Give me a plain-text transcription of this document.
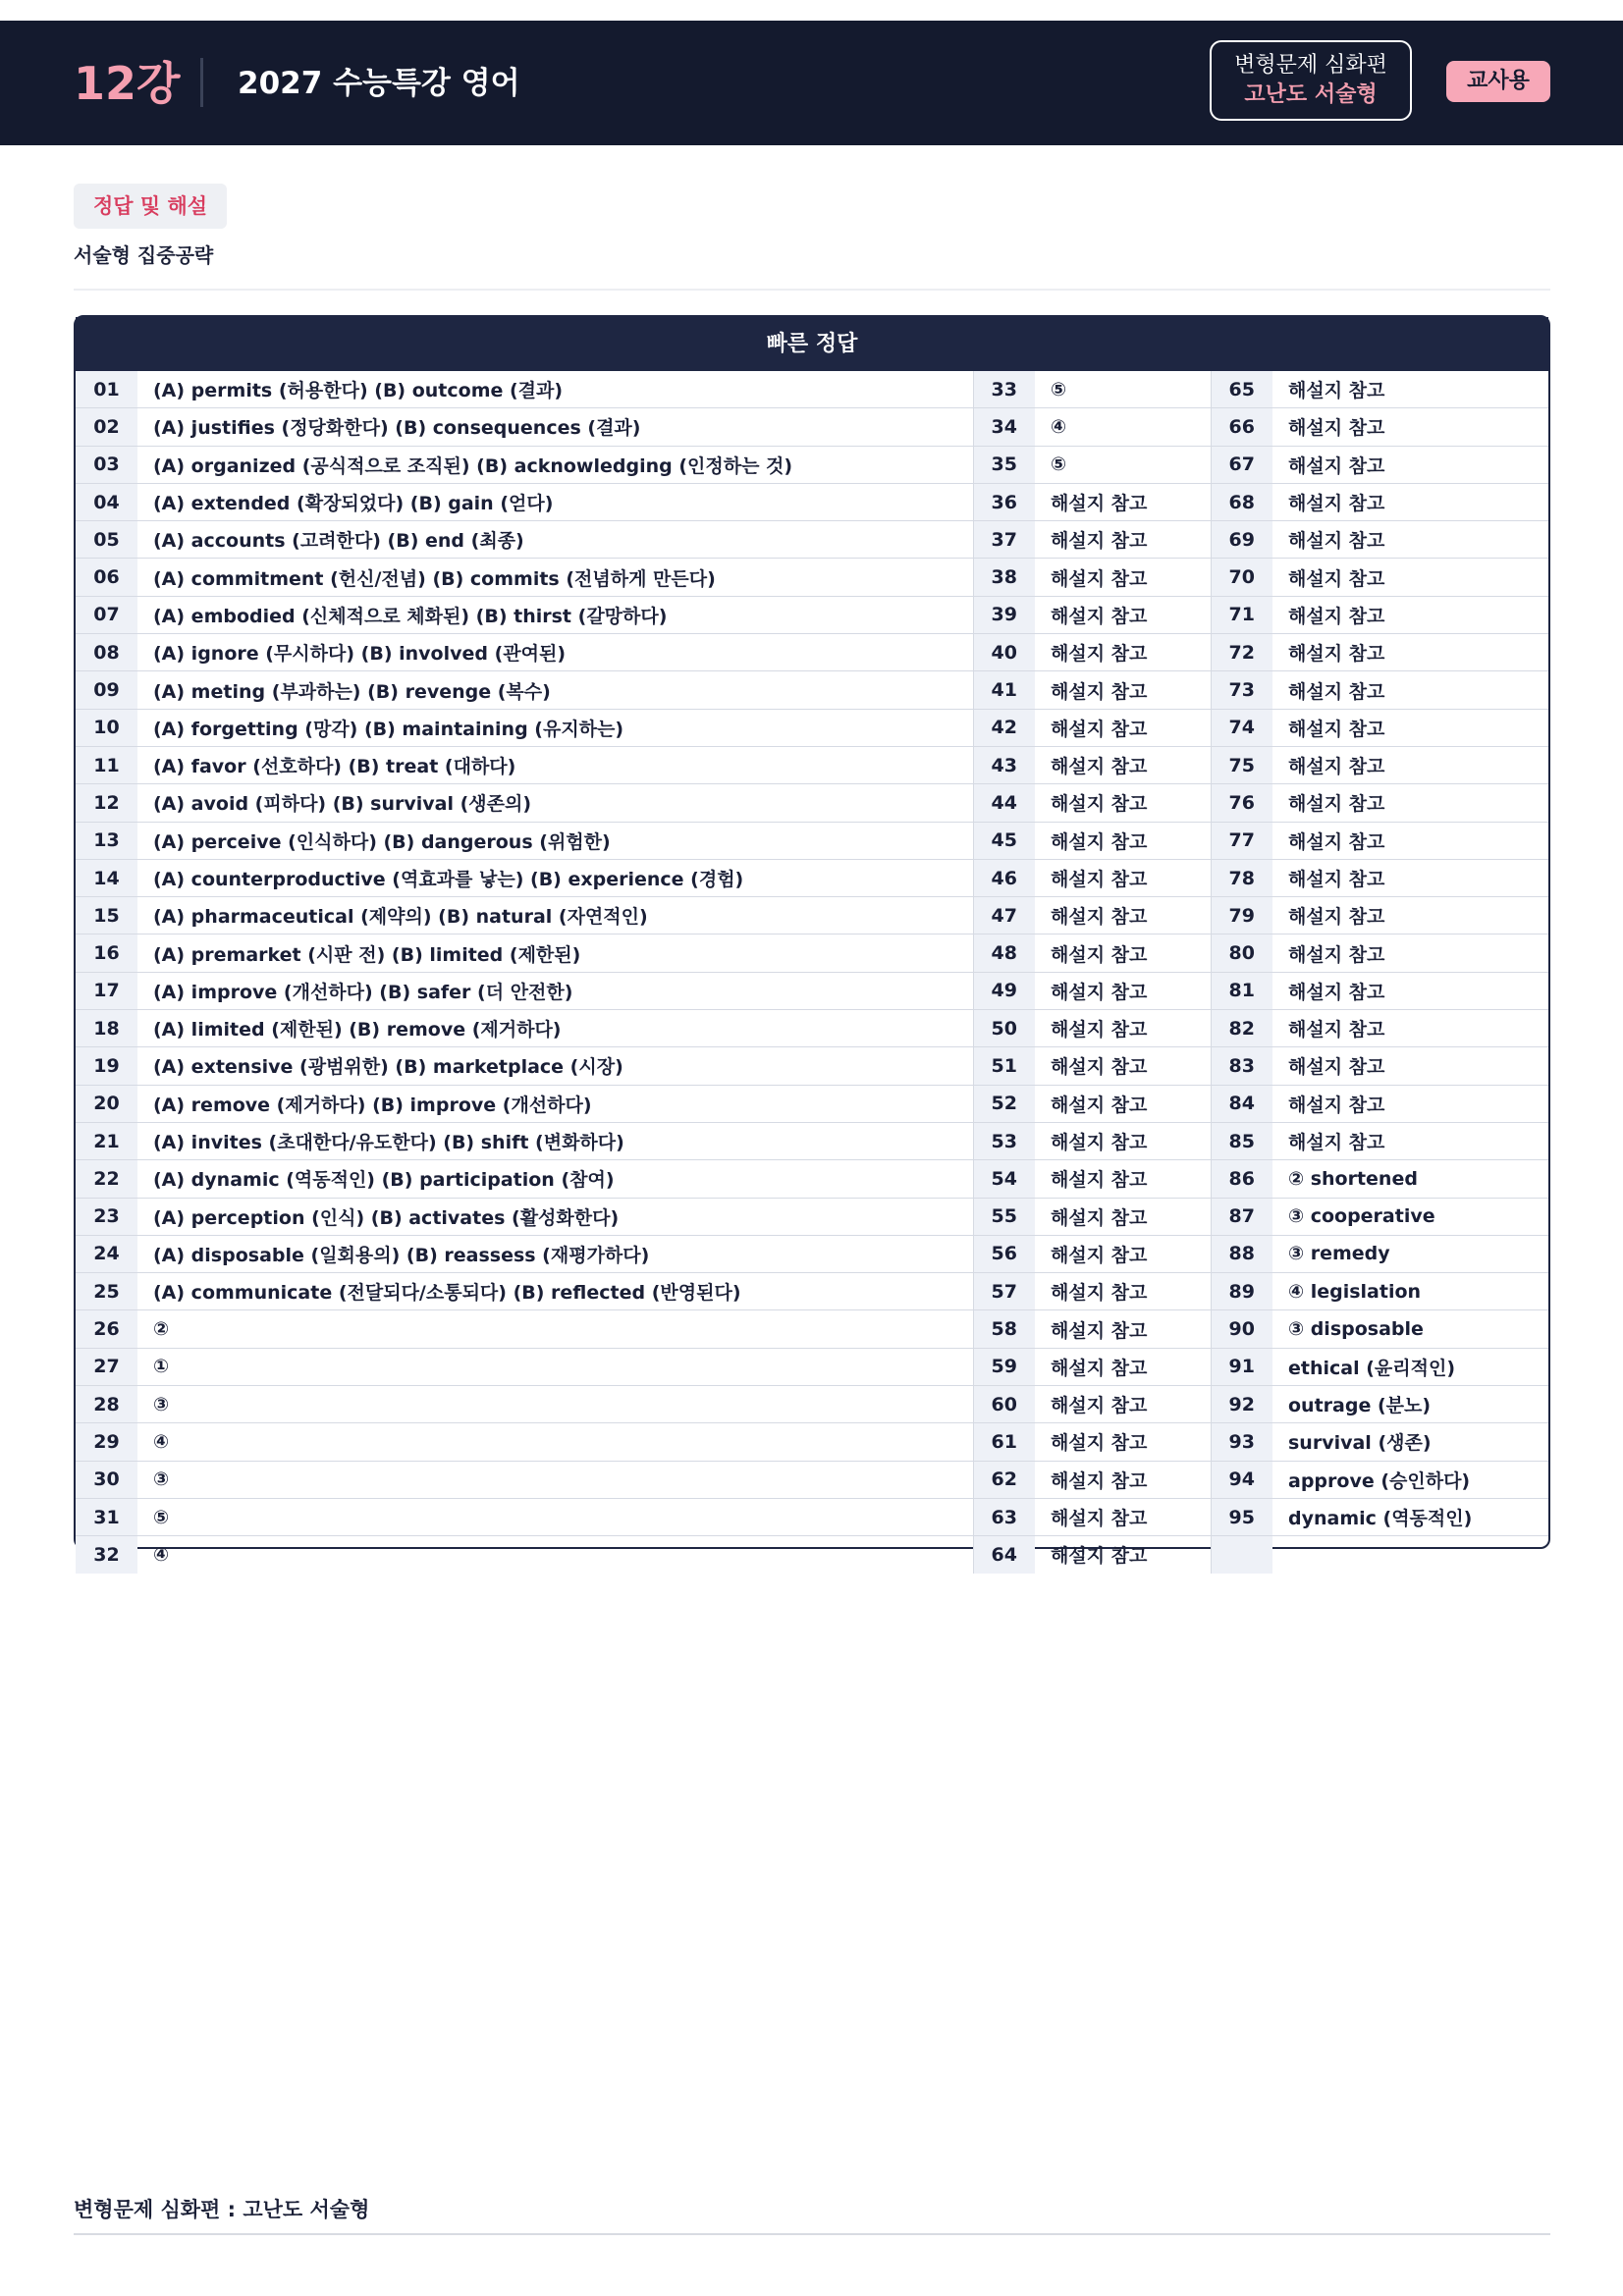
12강 2027 수능특강 영어
변형문제 심화편
고난도 서술형
교사용
정답 및 해설
서술형 집중공략
빠른 정답
01	(A) permits (허용한다) (B) outcome (결과)	33	⑤	65	해설지 참고
02	(A) justifies (정당화한다) (B) consequences (결과)	34	④	66	해설지 참고
03	(A) organized (공식적으로 조직된) (B) acknowledging (인정하는 것)	35	⑤	67	해설지 참고
04	(A) extended (확장되었다) (B) gain (얻다)	36	해설지 참고	68	해설지 참고
05	(A) accounts (고려한다) (B) end (최종)	37	해설지 참고	69	해설지 참고
06	(A) commitment (헌신/전념) (B) commits (전념하게 만든다)	38	해설지 참고	70	해설지 참고
07	(A) embodied (신체적으로 체화된) (B) thirst (갈망하다)	39	해설지 참고	71	해설지 참고
08	(A) ignore (무시하다) (B) involved (관여된)	40	해설지 참고	72	해설지 참고
09	(A) meting (부과하는) (B) revenge (복수)	41	해설지 참고	73	해설지 참고
10	(A) forgetting (망각) (B) maintaining (유지하는)	42	해설지 참고	74	해설지 참고
11	(A) favor (선호하다) (B) treat (대하다)	43	해설지 참고	75	해설지 참고
12	(A) avoid (피하다) (B) survival (생존의)	44	해설지 참고	76	해설지 참고
13	(A) perceive (인식하다) (B) dangerous (위험한)	45	해설지 참고	77	해설지 참고
14	(A) counterproductive (역효과를 낳는) (B) experience (경험)	46	해설지 참고	78	해설지 참고
15	(A) pharmaceutical (제약의) (B) natural (자연적인)	47	해설지 참고	79	해설지 참고
16	(A) premarket (시판 전) (B) limited (제한된)	48	해설지 참고	80	해설지 참고
17	(A) improve (개선하다) (B) safer (더 안전한)	49	해설지 참고	81	해설지 참고
18	(A) limited (제한된) (B) remove (제거하다)	50	해설지 참고	82	해설지 참고
19	(A) extensive (광범위한) (B) marketplace (시장)	51	해설지 참고	83	해설지 참고
20	(A) remove (제거하다) (B) improve (개선하다)	52	해설지 참고	84	해설지 참고
21	(A) invites (초대한다/유도한다) (B) shift (변화하다)	53	해설지 참고	85	해설지 참고
22	(A) dynamic (역동적인) (B) participation (참여)	54	해설지 참고	86	② shortened
23	(A) perception (인식) (B) activates (활성화한다)	55	해설지 참고	87	③ cooperative
24	(A) disposable (일회용의) (B) reassess (재평가하다)	56	해설지 참고	88	③ remedy
25	(A) communicate (전달되다/소통되다) (B) reflected (반영된다)	57	해설지 참고	89	④ legislation
26	②	58	해설지 참고	90	③ disposable
27	①	59	해설지 참고	91	ethical (윤리적인)
28	③	60	해설지 참고	92	outrage (분노)
29	④	61	해설지 참고	93	survival (생존)
30	③	62	해설지 참고	94	approve (승인하다)
31	⑤	63	해설지 참고	95	dynamic (역동적인)
32	④	64	해설지 참고		
변형문제 심화편 : 고난도 서술형
